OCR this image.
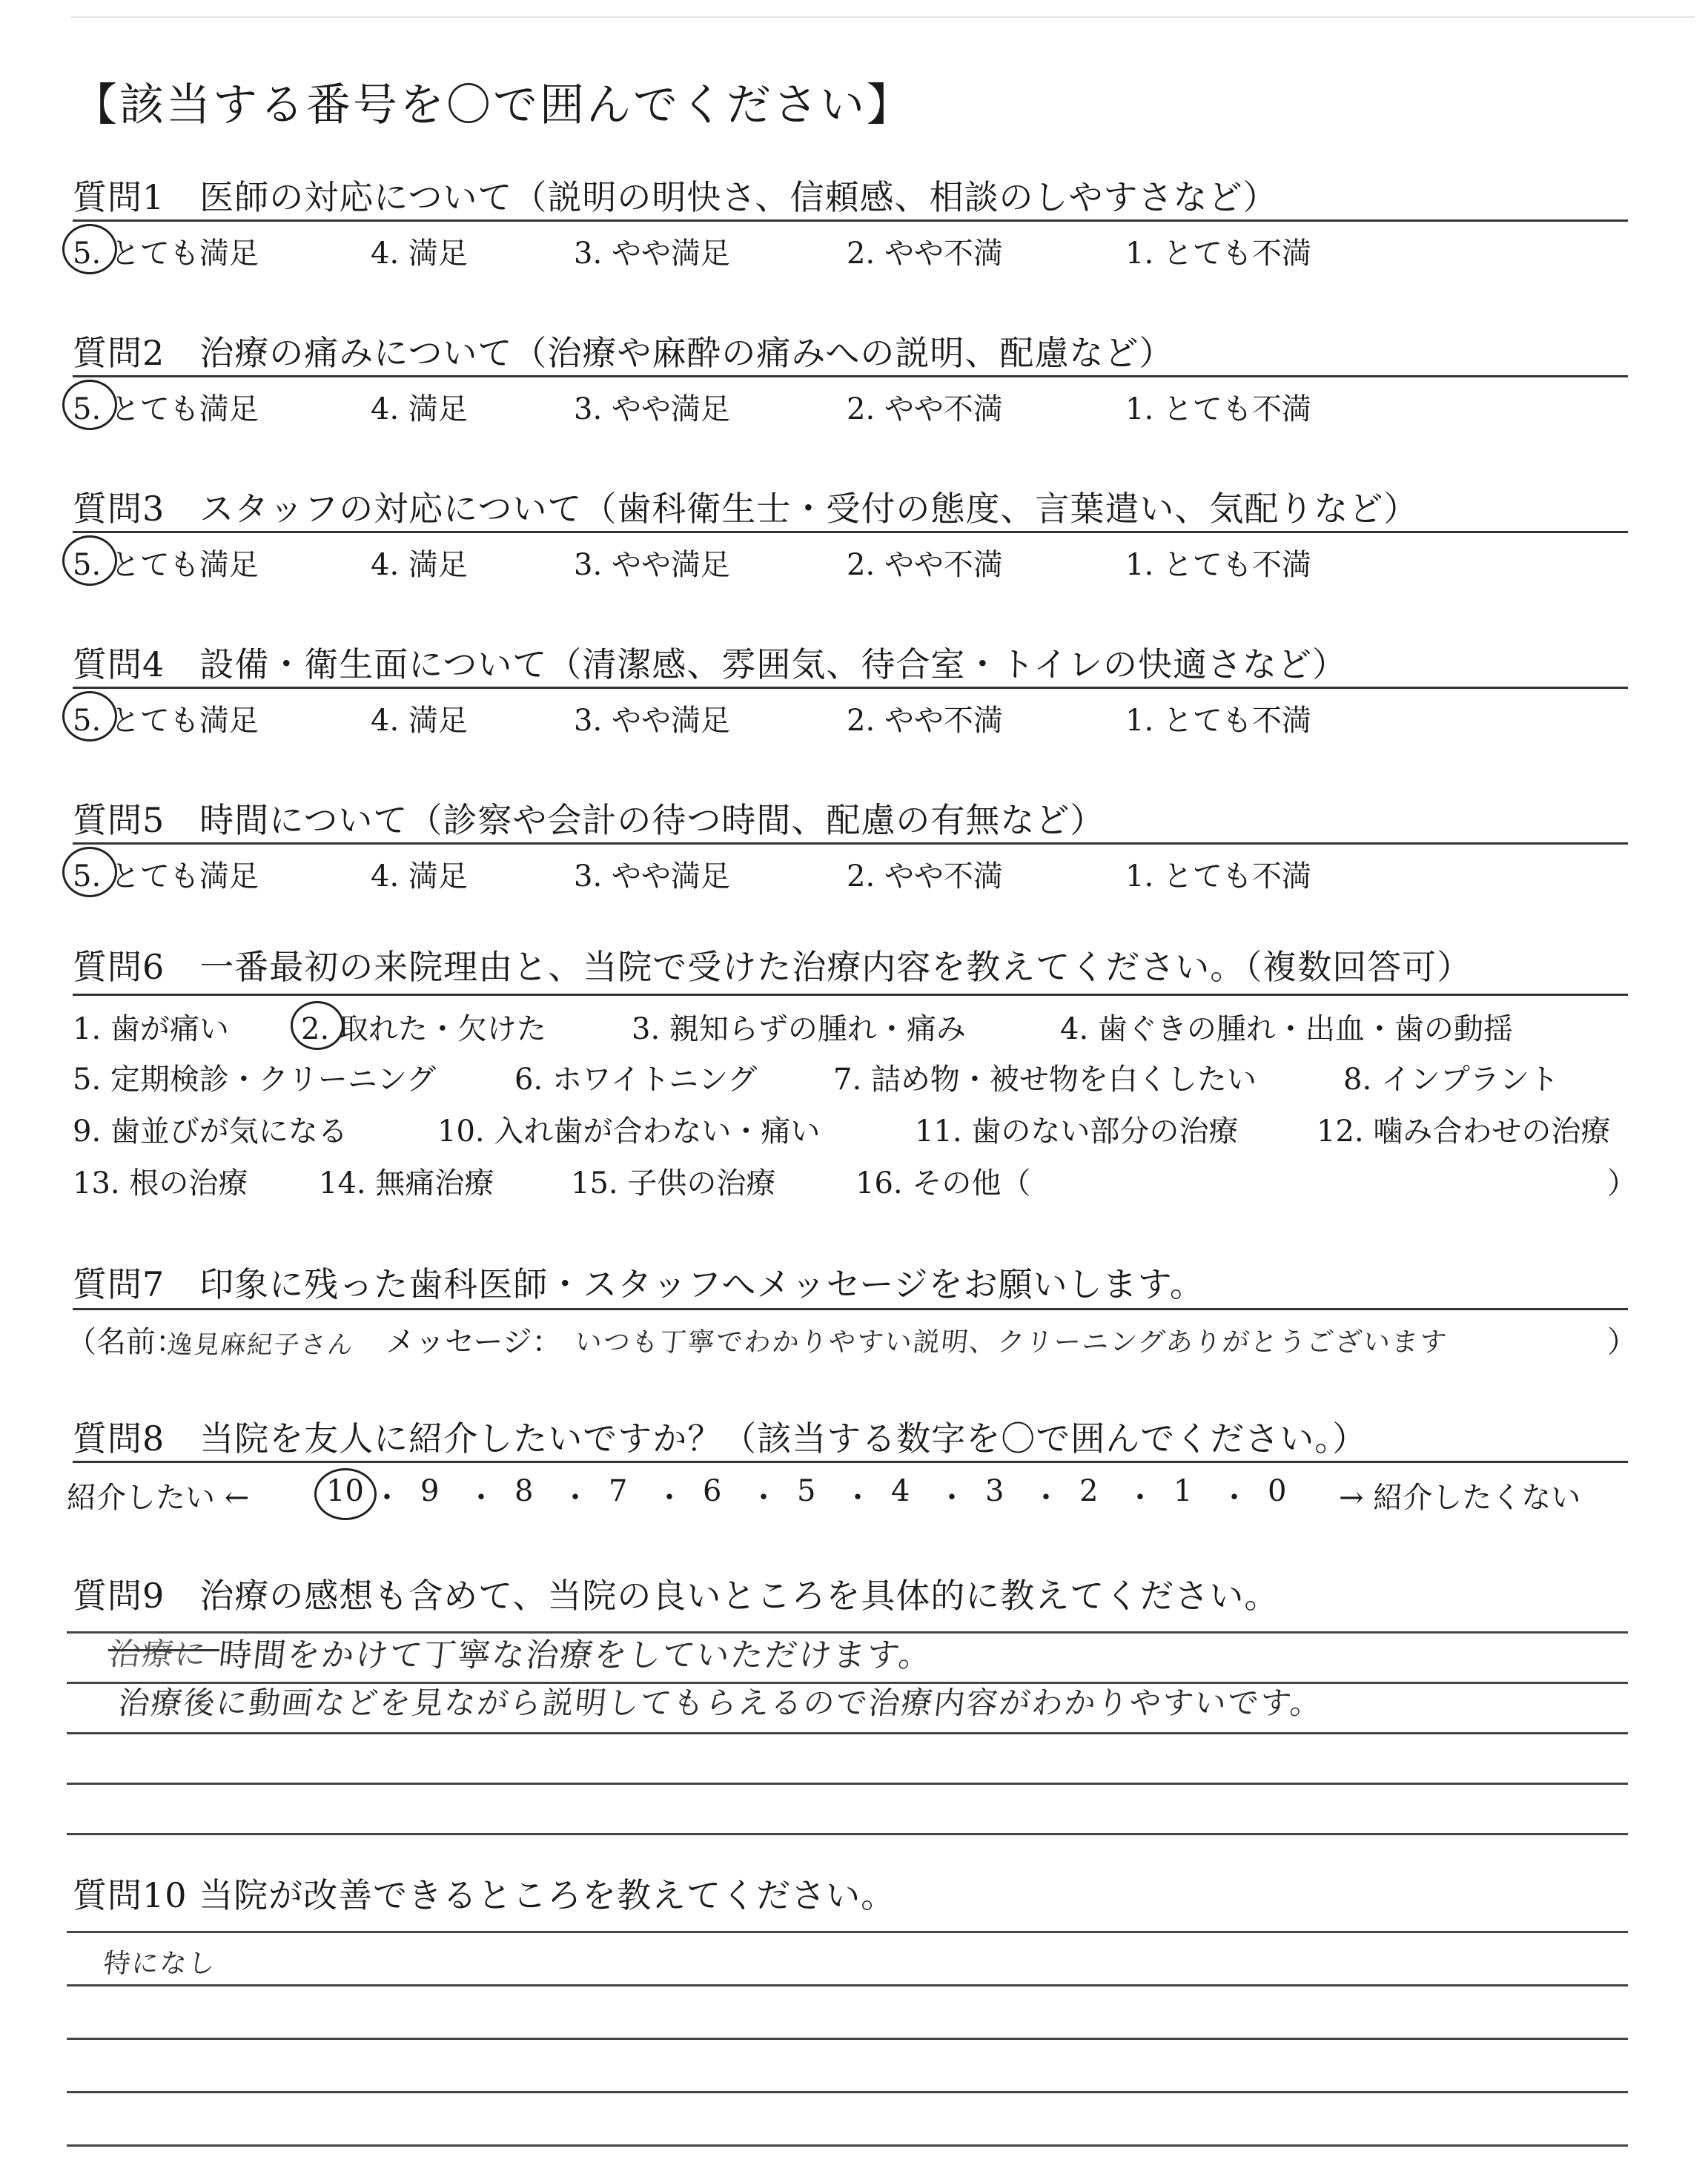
【該当する番号を〇で囲んでください】
質問1　医師の対応について（説明の明快さ、信頼感、相談のしやすさなど）
5. とても満足	4. 満足	3. やや満足	2. やや不満	1. とても不満
質問2　治療の痛みについて（治療や麻酔の痛みへの説明、配慮など）
5. とても満足	4. 満足	3. やや満足	2. やや不満	1. とても不満
質問3　スタッフの対応について（歯科衛生士・受付の態度、言葉遣い、気配りなど）
5. とても満足	4. 満足	3. やや満足	2. やや不満	1. とても不満
質問4　設備・衛生面について（清潔感、雰囲気、待合室・トイレの快適さなど）
5. とても満足	4. 満足	3. やや満足	2. やや不満	1. とても不満
質問5　時間について（診察や会計の待つ時間、配慮の有無など）
5. とても満足	4. 満足	3. やや満足	2. やや不満	1. とても不満
質問6　一番最初の来院理由と、当院で受けた治療内容を教えてください。（複数回答可）
1. 歯が痛い 2. 取れた・欠けた	3. 親知らずの腫れ・痛み	4. 歯ぐきの腫れ・出血・歯の動揺
5. 定期検診・クリーニング	6. ホワイトニング	7. 詰め物・被せ物を白くしたい	8. インプラント
9. 歯並びが気になる	10. 入れ歯が合わない・痛い	11. 歯のない部分の治療	12. 噛み合わせの治療
13. 根の治療 14. 無痛治療	15. 子供の治療	16. その他（	）
質問7　印象に残った歯科医師・スタッフへメッセージをお願いします。
（名前：
逸見麻紀子さん メッセージ： いつも丁寧でわかりやすい説明、クリーニングありがとうございます	）
質問8　当院を友人に紹介したいですか？（該当する数字を〇で囲んでください。）
紹介したい ←	10 ・ 9 ・ 8 ・ 7 ・ 6 ・ 5 ・ 4 ・ 3 ・ 2 ・ 1 ・ 0 → 紹介したくない
質問9　治療の感想も含めて、当院の良いところを具体的に教えてください。
治療に 時間をかけて丁寧な治療をしていただけます。
治療後に動画などを見ながら説明してもらえるので治療内容がわかりやすいです。
質問10 当院が改善できるところを教えてください。
特になし
